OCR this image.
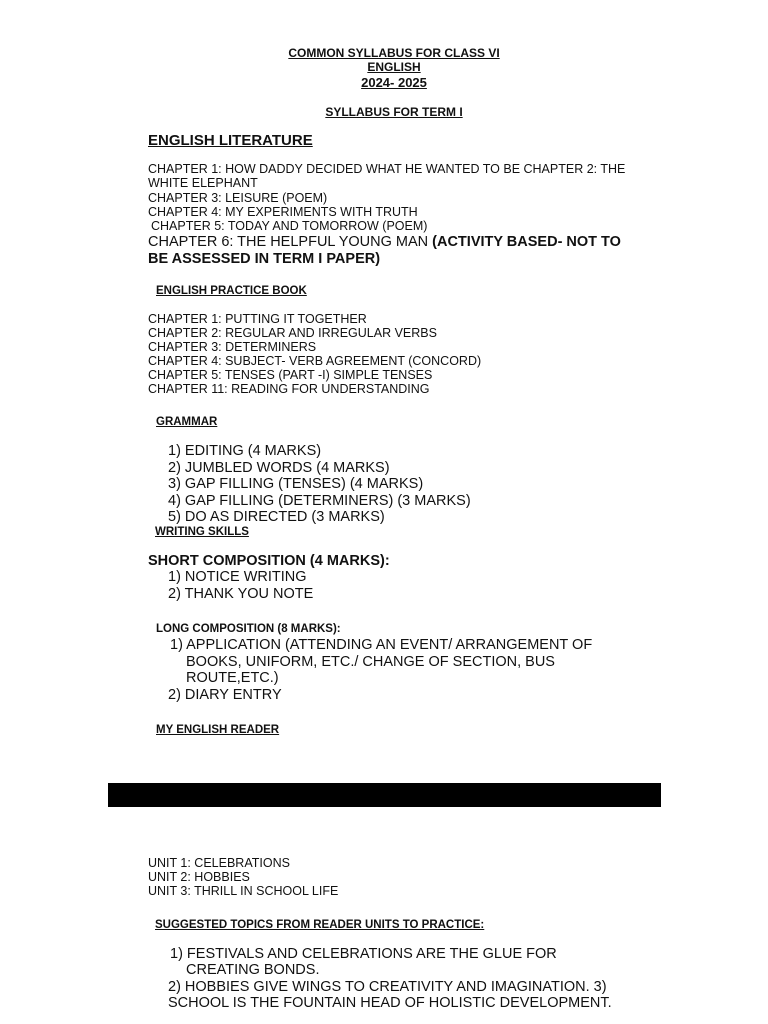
COMMON SYLLABUS FOR CLASS VI
ENGLISH
2024- 2025
SYLLABUS FOR TERM I
ENGLISH LITERATURE
CHAPTER 1: HOW DADDY DECIDED WHAT HE WANTED TO BE CHAPTER 2: THE
WHITE ELEPHANT
CHAPTER 3: LEISURE (POEM)
CHAPTER 4: MY EXPERIMENTS WITH TRUTH
CHAPTER 5: TODAY AND TOMORROW (POEM)
CHAPTER 6: THE HELPFUL YOUNG MAN (ACTIVITY BASED- NOT TO
BE ASSESSED IN TERM I PAPER)
ENGLISH PRACTICE BOOK
CHAPTER 1: PUTTING IT TOGETHER
CHAPTER 2: REGULAR AND IRREGULAR VERBS
CHAPTER 3: DETERMINERS
CHAPTER 4: SUBJECT- VERB AGREEMENT (CONCORD)
CHAPTER 5: TENSES (PART -I) SIMPLE TENSES
CHAPTER 11: READING FOR UNDERSTANDING
GRAMMAR
1) EDITING (4 MARKS)
2) JUMBLED WORDS (4 MARKS)
3) GAP FILLING (TENSES) (4 MARKS)
4) GAP FILLING (DETERMINERS) (3 MARKS)
5) DO AS DIRECTED (3 MARKS)
WRITING SKILLS
SHORT COMPOSITION (4 MARKS):
1) NOTICE WRITING
2) THANK YOU NOTE
LONG COMPOSITION (8 MARKS):
1) APPLICATION (ATTENDING AN EVENT/ ARRANGEMENT OF
BOOKS, UNIFORM, ETC./ CHANGE OF SECTION, BUS
ROUTE,ETC.)
2) DIARY ENTRY
MY ENGLISH READER
UNIT 1: CELEBRATIONS
UNIT 2: HOBBIES
UNIT 3: THRILL IN SCHOOL LIFE
SUGGESTED TOPICS FROM READER UNITS TO PRACTICE:
1) FESTIVALS AND CELEBRATIONS ARE THE GLUE FOR
CREATING BONDS.
2) HOBBIES GIVE WINGS TO CREATIVITY AND IMAGINATION. 3)
SCHOOL IS THE FOUNTAIN HEAD OF HOLISTIC DEVELOPMENT.
